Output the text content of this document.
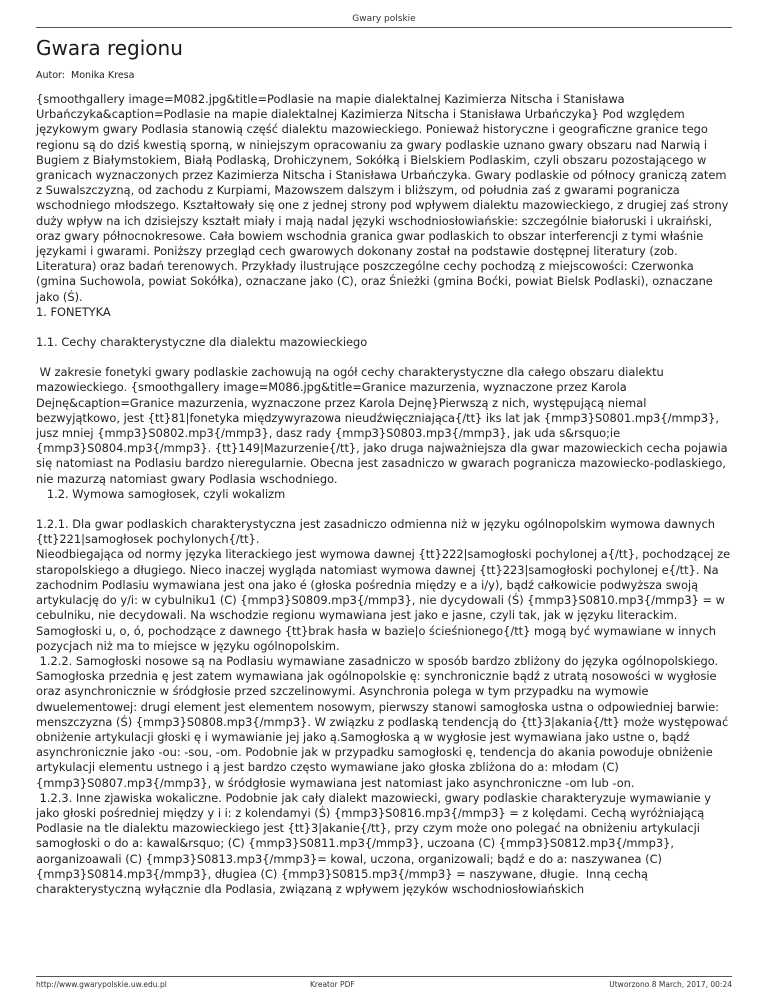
Gwary polskie
Gwara regionu
Autor: Monika Kresa

{smoothgallery image=M082.jpg&title=Podlasie na mapie dialektalnej Kazimierza Nitscha i Stanisława Urbańczyka&caption=Podlasie na mapie dialektalnej Kazimierza Nitscha i Stanisława Urbańczyka} Pod względem językowym gwary Podlasia stanowią część dialektu mazowieckiego. Ponieważ historyczne i geograficzne granice tego regionu są do dziś kwestią sporną, w niniejszym opracowaniu za gwary podlaskie uznano gwary obszaru nad Narwią i Bugiem z Białymstokiem, Białą Podlaską, Drohiczynem, Sokółką i Bielskiem Podlaskim, czyli obszaru pozostającego w granicach wyznaczonych przez Kazimierza Nitscha i Stanisława Urbańczyka. Gwary podlaskie od północy graniczą zatem z Suwalszczyzną, od zachodu z Kurpiami, Mazowszem dalszym i bliższym, od południa zaś z gwarami pogranicza wschodniego młodszego. Kształtowały się one z jednej strony pod wpływem dialektu mazowieckiego, z drugiej zaś strony duży wpływ na ich dzisiejszy kształt miały i mają nadal języki wschodniosłowiańskie: szczególnie białoruski i ukraiński, oraz gwary północnokresowe. Cała bowiem wschodnia granica gwar podlaskich to obszar interferencji z tymi właśnie językami i gwarami. Poniższy przegląd cech gwarowych dokonany został na podstawie dostępnej literatury (zob. Literatura) oraz badań terenowych. Przykłady ilustrujące poszczególne cechy pochodzą z miejscowości: Czerwonka (gmina Suchowola, powiat Sokółka), oznaczane jako (C), oraz Śnieżki (gmina Boćki, powiat Bielsk Podlaski), oznaczane jako (Ś).

1. FONETYKA

1.1. Cechy charakterystyczne dla dialektu mazowieckiego

W zakresie fonetyki gwary podlaskie zachowują na ogół cechy charakterystyczne dla całego obszaru dialektu mazowieckiego. {smoothgallery image=M086.jpg&title=Granice mazurzenia, wyznaczone przez Karola Dejnę&caption=Granice mazurzenia, wyznaczone przez Karola Dejnę}Pierwszą z nich, występującą niemal bezwyjątkowo, jest {tt}81|fonetyka międzywyrazowa nieudźwięczniająca{/tt} iks lat jak {mmp3}S0801.mp3{/mmp3}, jusz mniej {mmp3}S0802.mp3{/mmp3}, dasz rady {mmp3}S0803.mp3{/mmp3}, jak uda s&rsquo;ie {mmp3}S0804.mp3{/mmp3}. {tt}149|Mazurzenie{/tt}, jako druga najważniejsza dla gwar mazowieckich cecha pojawia się natomiast na Podlasiu bardzo nieregularnie. Obecna jest zasadniczo w gwarach pogranicza mazowiecko-podlaskiego, nie mazurzą natomiast gwary Podlasia wschodniego.

1.2. Wymowa samogłosek, czyli wokalizm

1.2.1. Dla gwar podlaskich charakterystyczna jest zasadniczo odmienna niż w języku ogólnopolskim wymowa dawnych {tt}221|samogłosek pochylonych{/tt}.

Nieodbiegająca od normy języka literackiego jest wymowa dawnej {tt}222|samogłoski pochylonej a{/tt}, pochodzącej ze staropolskiego a długiego. Nieco inaczej wygląda natomiast wymowa dawnej {tt}223|samogłoski pochylonej e{/tt}. Na zachodnim Podlasiu wymawiana jest ona jako é (głoska pośrednia między e a i/y), bądź całkowicie podwyższa swoją artykulację do y/i: w cybulniku1 (C) {mmp3}S0809.mp3{/mmp3}, nie dycydowali (Ś) {mmp3}S0810.mp3{/mmp3} = w cebulniku, nie decydowali. Na wschodzie regionu wymawiana jest jako e jasne, czyli tak, jak w języku literackim. Samogłoski u, o, ó, pochodzące z dawnego {tt}brak hasła w bazie|o ścieśnionego{/tt} mogą być wymawiane w innych pozycjach niż ma to miejsce w języku ogólnopolskim.

1.2.2. Samogłoski nosowe są na Podlasiu wymawiane zasadniczo w sposób bardzo zbliżony do języka ogólnopolskiego. Samogłoska przednia ę jest zatem wymawiana jak ogólnopolskie ę: synchronicznie bądź z utratą nosowości w wygłosie oraz asynchronicznie w śródgłosie przed szczelinowymi. Asynchronia polega w tym przypadku na wymowie dwuelementowej: drugi element jest elementem nosowym, pierwszy stanowi samogłoska ustna o odpowiedniej barwie: menszczyzna (Ś) {mmp3}S0808.mp3{/mmp3}. W związku z podlaską tendencją do {tt}3|akania{/tt} może występować obniżenie artykulacji głoski ę i wymawianie jej jako ą.Samogłoska ą w wygłosie jest wymawiana jako ustne o, bądź asynchronicznie jako -ou: -sou, -om. Podobnie jak w przypadku samogłoski ę, tendencja do akania powoduje obniżenie artykulacji elementu ustnego i ą jest bardzo często wymawiane jako głoska zbliżona do a: młodam (C) {mmp3}S0807.mp3{/mmp3}, w śródgłosie wymawiana jest natomiast jako asynchroniczne -om lub -on.

1.2.3. Inne zjawiska wokaliczne. Podobnie jak cały dialekt mazowiecki, gwary podlaskie charakteryzuje wymawianie y jako głoski pośredniej między y i i: z kolendamyi (Ś) {mmp3}S0816.mp3{/mmp3} = z kolędami. Cechą wyróżniającą Podlasie na tle dialektu mazowieckiego jest {tt}3|akanie{/tt}, przy czym może ono polegać na obniżeniu artykulacji samogłoski o do a: kawal&rsquo; (C) {mmp3}S0811.mp3{/mmp3}, uczoana (C) {mmp3}S0812.mp3{/mmp3}, aorganizoawali (C) {mmp3}S0813.mp3{/mmp3}= kowal, uczona, organizowali; bądź e do a: naszywanea (C) {mmp3}S0814.mp3{/mmp3}, długiea (C) {mmp3}S0815.mp3{/mmp3} = naszywane, długie.  Inną cechą charakterystyczną wyłącznie dla Podlasia, związaną z wpływem języków wschodniosłowiańskich

http://www.gwarypolskie.uw.edu.pl	Kreator PDF	Utworzono 8 March, 2017, 00:24
